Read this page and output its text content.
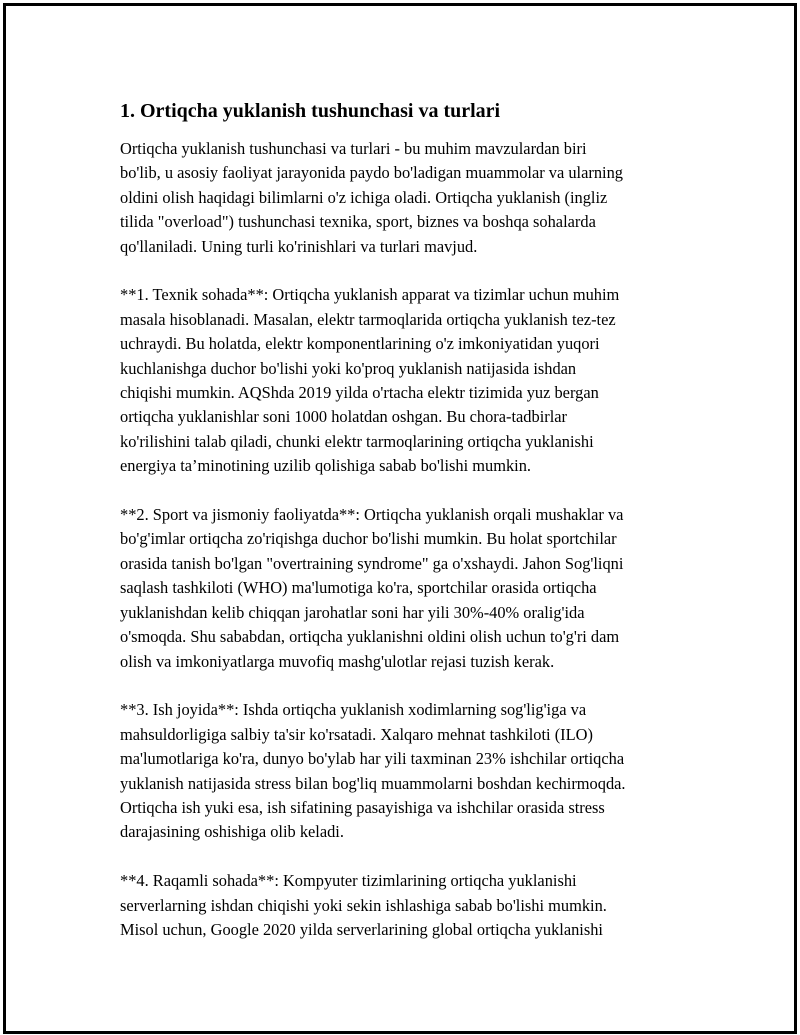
1. Ortiqcha yuklanish tushunchasi va turlari
Ortiqcha yuklanish tushunchasi va turlari - bu muhim mavzulardan biri
bo'lib, u asosiy faoliyat jarayonida paydo bo'ladigan muammolar va ularning
oldini olish haqidagi bilimlarni o'z ichiga oladi. Ortiqcha yuklanish (ingliz
tilida "overload") tushunchasi texnika, sport, biznes va boshqa sohalarda
qo'llaniladi. Uning turli ko'rinishlari va turlari mavjud.
**1. Texnik sohada**: Ortiqcha yuklanish apparat va tizimlar uchun muhim
masala hisoblanadi. Masalan, elektr tarmoqlarida ortiqcha yuklanish tez-tez
uchraydi. Bu holatda, elektr komponentlarining o'z imkoniyatidan yuqori
kuchlanishga duchor bo'lishi yoki ko'proq yuklanish natijasida ishdan
chiqishi mumkin. AQShda 2019 yilda o'rtacha elektr tizimida yuz bergan
ortiqcha yuklanishlar soni 1000 holatdan oshgan. Bu chora-tadbirlar
ko'rilishini talab qiladi, chunki elektr tarmoqlarining ortiqcha yuklanishi
energiya ta’minotining uzilib qolishiga sabab bo'lishi mumkin.
**2. Sport va jismoniy faoliyatda**: Ortiqcha yuklanish orqali mushaklar va
bo'g'imlar ortiqcha zo'riqishga duchor bo'lishi mumkin. Bu holat sportchilar
orasida tanish bo'lgan "overtraining syndrome" ga o'xshaydi. Jahon Sog'liqni
saqlash tashkiloti (WHO) ma'lumotiga ko'ra, sportchilar orasida ortiqcha
yuklanishdan kelib chiqqan jarohatlar soni har yili 30%-40% oralig'ida
o'smoqda. Shu sababdan, ortiqcha yuklanishni oldini olish uchun to'g'ri dam
olish va imkoniyatlarga muvofiq mashg'ulotlar rejasi tuzish kerak.
**3. Ish joyida**: Ishda ortiqcha yuklanish xodimlarning sog'lig'iga va
mahsuldorligiga salbiy ta'sir ko'rsatadi. Xalqaro mehnat tashkiloti (ILO)
ma'lumotlariga ko'ra, dunyo bo'ylab har yili taxminan 23% ishchilar ortiqcha
yuklanish natijasida stress bilan bog'liq muammolarni boshdan kechirmoqda.
Ortiqcha ish yuki esa, ish sifatining pasayishiga va ishchilar orasida stress
darajasining oshishiga olib keladi.
**4. Raqamli sohada**: Kompyuter tizimlarining ortiqcha yuklanishi
serverlarning ishdan chiqishi yoki sekin ishlashiga sabab bo'lishi mumkin.
Misol uchun, Google 2020 yilda serverlarining global ortiqcha yuklanishi
